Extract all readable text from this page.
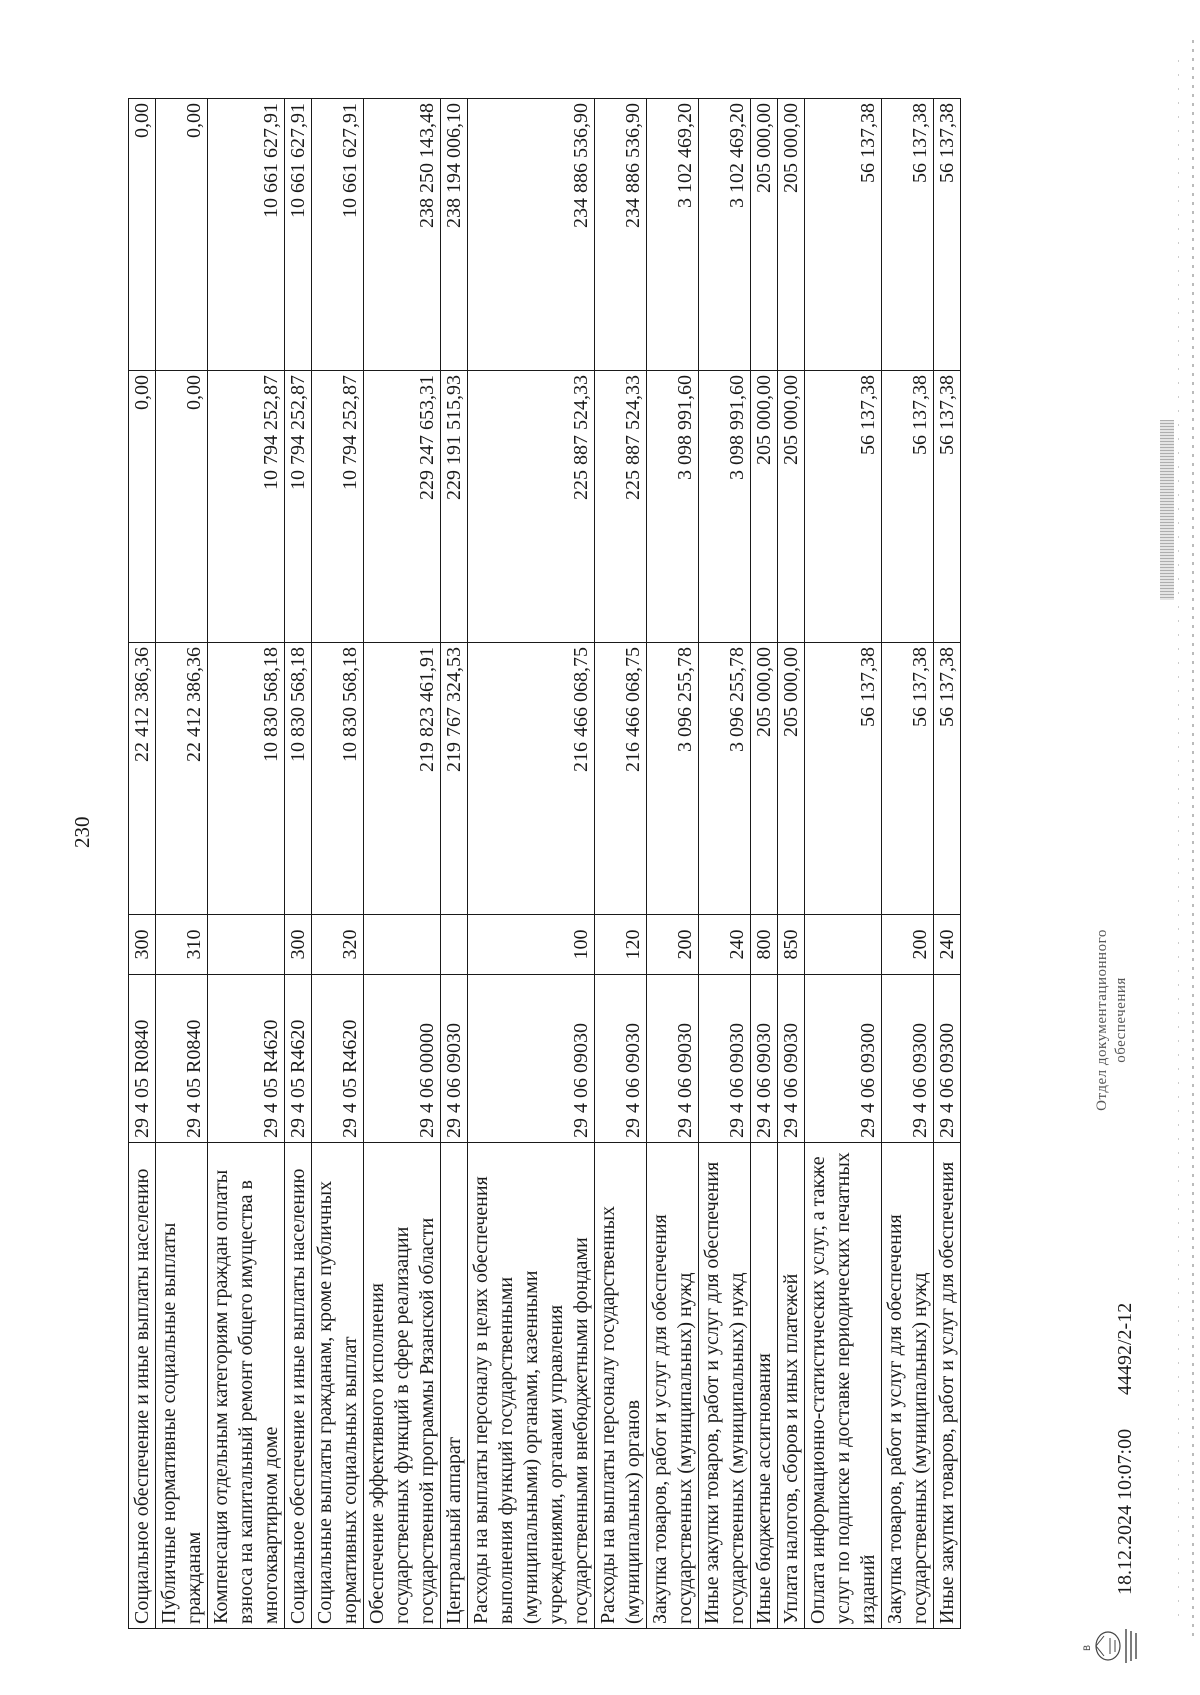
230
Социальное обеспечение и иные выплаты населению	29 4 05 R0840	300	22 412 386,36	0,00	0,00
Публичные нормативные социальные выплаты гражданам	29 4 05 R0840	310	22 412 386,36	0,00	0,00
Компенсация отдельным категориям граждан оплаты взноса на капитальный ремонт общего имущества в многоквартирном доме	29 4 05 R4620		10 830 568,18	10 794 252,87	10 661 627,91
Социальное обеспечение и иные выплаты населению	29 4 05 R4620	300	10 830 568,18	10 794 252,87	10 661 627,91
Социальные выплаты гражданам, кроме публичных нормативных социальных выплат	29 4 05 R4620	320	10 830 568,18	10 794 252,87	10 661 627,91
Обеспечение эффективного исполнения государственных функций в сфере реализации государственной программы Рязанской области	29 4 06 00000		219 823 461,91	229 247 653,31	238 250 143,48
Центральный аппарат	29 4 06 09030		219 767 324,53	229 191 515,93	238 194 006,10
Расходы на выплаты персоналу в целях обеспечения выполнения функций государственными (муниципальными) органами, казенными учреждениями, органами управления государственными внебюджетными фондами	29 4 06 09030	100	216 466 068,75	225 887 524,33	234 886 536,90
Расходы на выплаты персоналу государственных (муниципальных) органов	29 4 06 09030	120	216 466 068,75	225 887 524,33	234 886 536,90
Закупка товаров, работ и услуг для обеспечения государственных (муниципальных) нужд	29 4 06 09030	200	3 096 255,78	3 098 991,60	3 102 469,20
Иные закупки товаров, работ и услуг для обеспечения государственных (муниципальных) нужд	29 4 06 09030	240	3 096 255,78	3 098 991,60	3 102 469,20
Иные бюджетные ассигнования	29 4 06 09030	800	205 000,00	205 000,00	205 000,00
Уплата налогов, сборов и иных платежей	29 4 06 09030	850	205 000,00	205 000,00	205 000,00
Оплата информационно-статистических услуг, а также услуг по подписке и доставке периодических печатных изданий	29 4 06 09300		56 137,38	56 137,38	56 137,38
Закупка товаров, работ и услуг для обеспечения государственных (муниципальных) нужд	29 4 06 09300	200	56 137,38	56 137,38	56 137,38
Иные закупки товаров, работ и услуг для обеспечения	29 4 06 09300	240	56 137,38	56 137,38	56 137,38
В
18.12.2024 10:07:00
44492/2-12
Отдел документационного обеспечения
